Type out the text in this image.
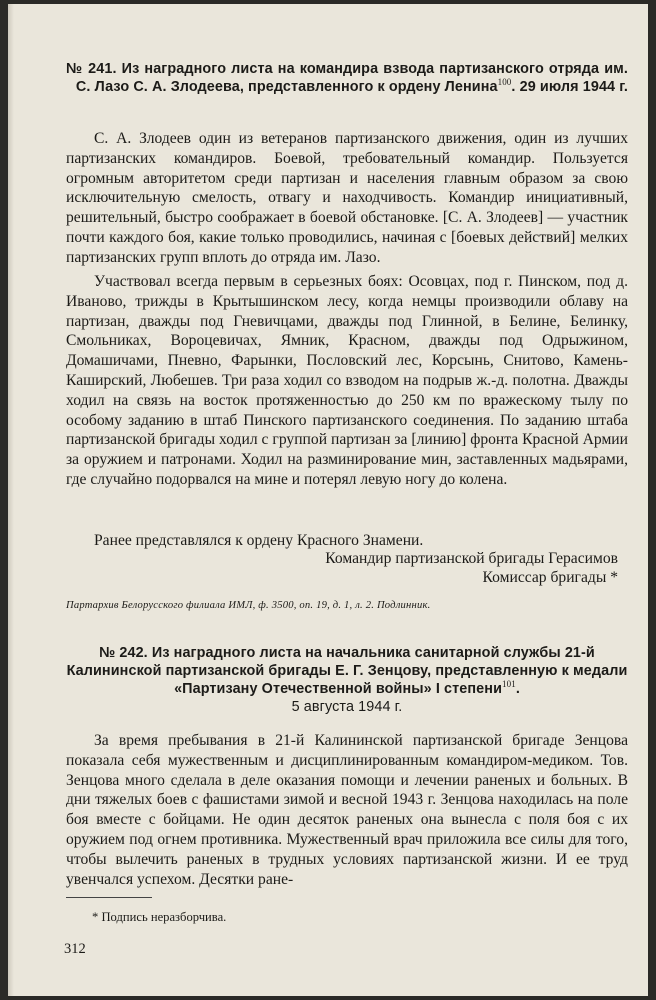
№ 241. Из наградного листа на командира взвода партизанского отряда им. С. Лазо С. А. Злодеева, представленного к ордену Ленина$^{100}$. 29 июля 1944 г.

С. А. Злодеев один из ветеранов партизанского движения, один из лучших партизанских командиров. Боевой, требовательный командир. Пользуется огромным авторитетом среди партизан и населения главным образом за свою исключительную смелость, отвагу и находчивость. Командир инициативный, решительный, быстро соображает в боевой обстановке. [С. А. Злодеев] — участник почти каждого боя, какие только проводились, начиная с [боевых действий] мелких партизанских групп вплоть до отряда им. Лазо.

Участвовал всегда первым в серьезных боях: Осовцах, под г. Пинском, под д. Иваново, трижды в Крытышинском лесу, когда немцы производили облаву на партизан, дважды под Гневичцами, дважды под Глинной, в Белине, Белинку, Смольниках, Вороцевичах, Ямник, Красном, дважды под Одрыжином, Домашичами, Пневно, Фарынки, Пословский лес, Корсынь, Снитово, Камень-Каширский, Любешев. Три раза ходил со взводом на подрыв ж.-д. полотна. Дважды ходил на связь на восток протяженностью до 250 км по вражескому тылу по особому заданию в штаб Пинского партизанского соединения. По заданию штаба партизанской бригады ходил с группой партизан за [линию] фронта Красной Армии за оружием и патронами. Ходил на разминирование мин, заставленных мадьярами, где случайно подорвался на мине и потерял левую ногу до колена.

Ранее представлялся к ордену Красного Знамени.

Командир партизанской бригады Герасимов
Комиссар бригады *
Партархив Белорусского филиала ИМЛ, ф. 3500, оп. 19, д. 1, л. 2. Подлинник.
№ 242. Из наградного листа на начальника санитарной службы 21-й Калининской партизанской бригады Е. Г. Зенцову, представленную к медали «Партизану Отечественной войны» I степени$^{101}$.
5 августа 1944 г.

За время пребывания в 21-й Калининской партизанской бригаде Зенцова показала себя мужественным и дисциплинированным командиром-медиком. Тов. Зенцова много сделала в деле оказания помощи и лечении раненых и больных. В дни тяжелых боев с фашистами зимой и весной 1943 г. Зенцова находилась на поле боя вместе с бойцами. Не один десяток раненых она вынесла с поля боя с их оружием под огнем противника. Мужественный врач приложила все силы для того, чтобы вылечить раненых в трудных условиях партизанской жизни. И ее труд увенчался успехом. Десятки ране-

* Подпись неразборчива.
312
